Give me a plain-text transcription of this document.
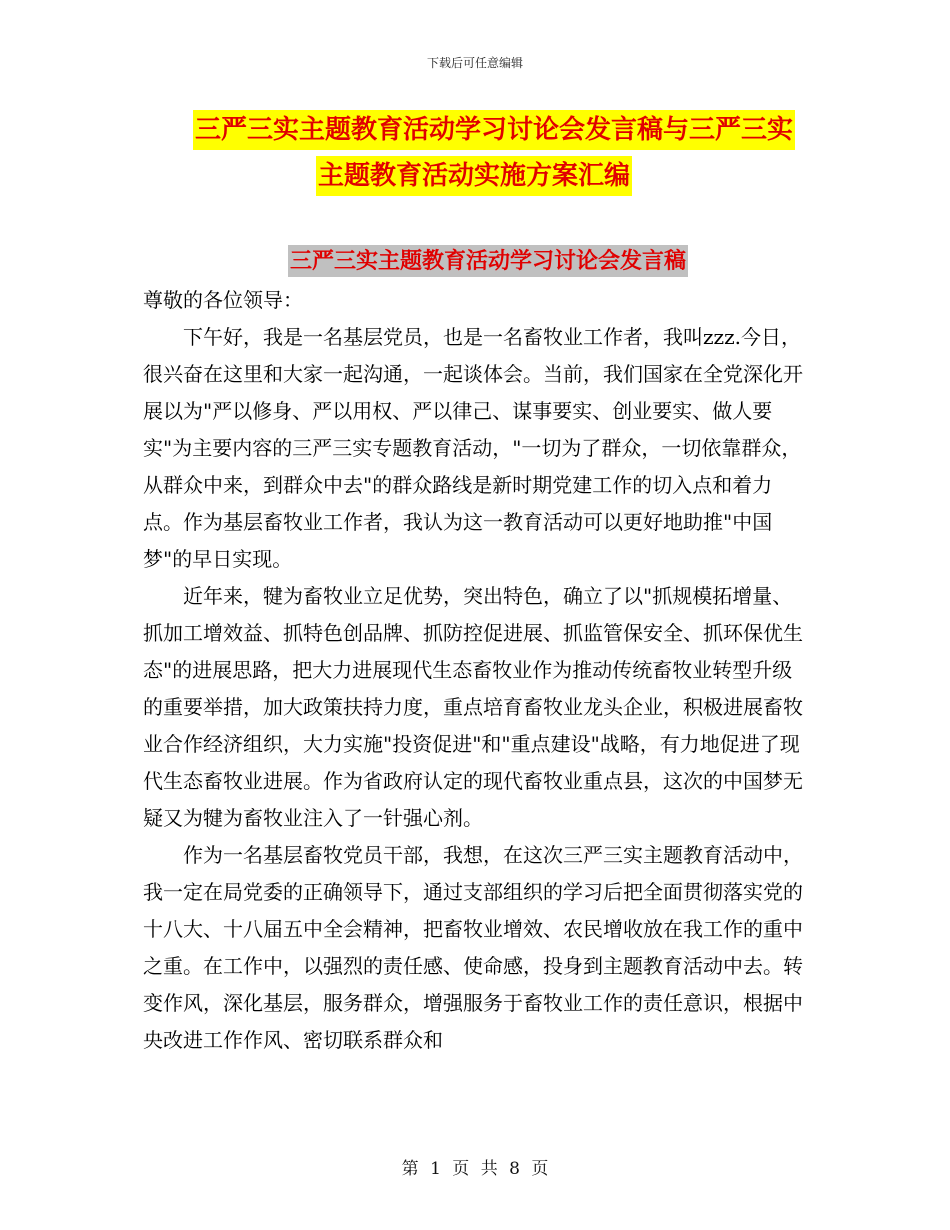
下载后可任意编辑
三严三实主题教育活动学习讨论会发言稿与三严三实
主题教育活动实施方案汇编
三严三实主题教育活动学习讨论会发言稿

尊敬的各位领导：

下午好，我是一名基层党员，也是一名畜牧业工作者，我叫zzz.今日，很兴奋在这里和大家一起沟通，一起谈体会。当前，我们国家在全党深化开展以为"严以修身、严以用权、严以律己、谋事要实、创业要实、做人要实"为主要内容的三严三实专题教育活动，"一切为了群众，一切依靠群众，从群众中来，到群众中去"的群众路线是新时期党建工作的切入点和着力点。作为基层畜牧业工作者，我认为这一教育活动可以更好地助推"中国梦"的早日实现。

近年来，犍为畜牧业立足优势，突出特色，确立了以"抓规模拓增量、抓加工增效益、抓特色创品牌、抓防控促进展、抓监管保安全、抓环保优生态"的进展思路，把大力进展现代生态畜牧业作为推动传统畜牧业转型升级的重要举措，加大政策扶持力度，重点培育畜牧业龙头企业，积极进展畜牧业合作经济组织，大力实施"投资促进"和"重点建设"战略，有力地促进了现代生态畜牧业进展。作为省政府认定的现代畜牧业重点县，这次的中国梦无疑又为犍为畜牧业注入了一针强心剂。

作为一名基层畜牧党员干部，我想，在这次三严三实主题教育活动中，我一定在局党委的正确领导下，通过支部组织的学习后把全面贯彻落实党的十八大、十八届五中全会精神，把畜牧业增效、农民增收放在我工作的重中之重。在工作中，以强烈的责任感、使命感，投身到主题教育活动中去。转变作风，深化基层，服务群众，增强服务于畜牧业工作的责任意识，根据中央改进工作作风、密切联系群众和

第 1 页 共 8 页
